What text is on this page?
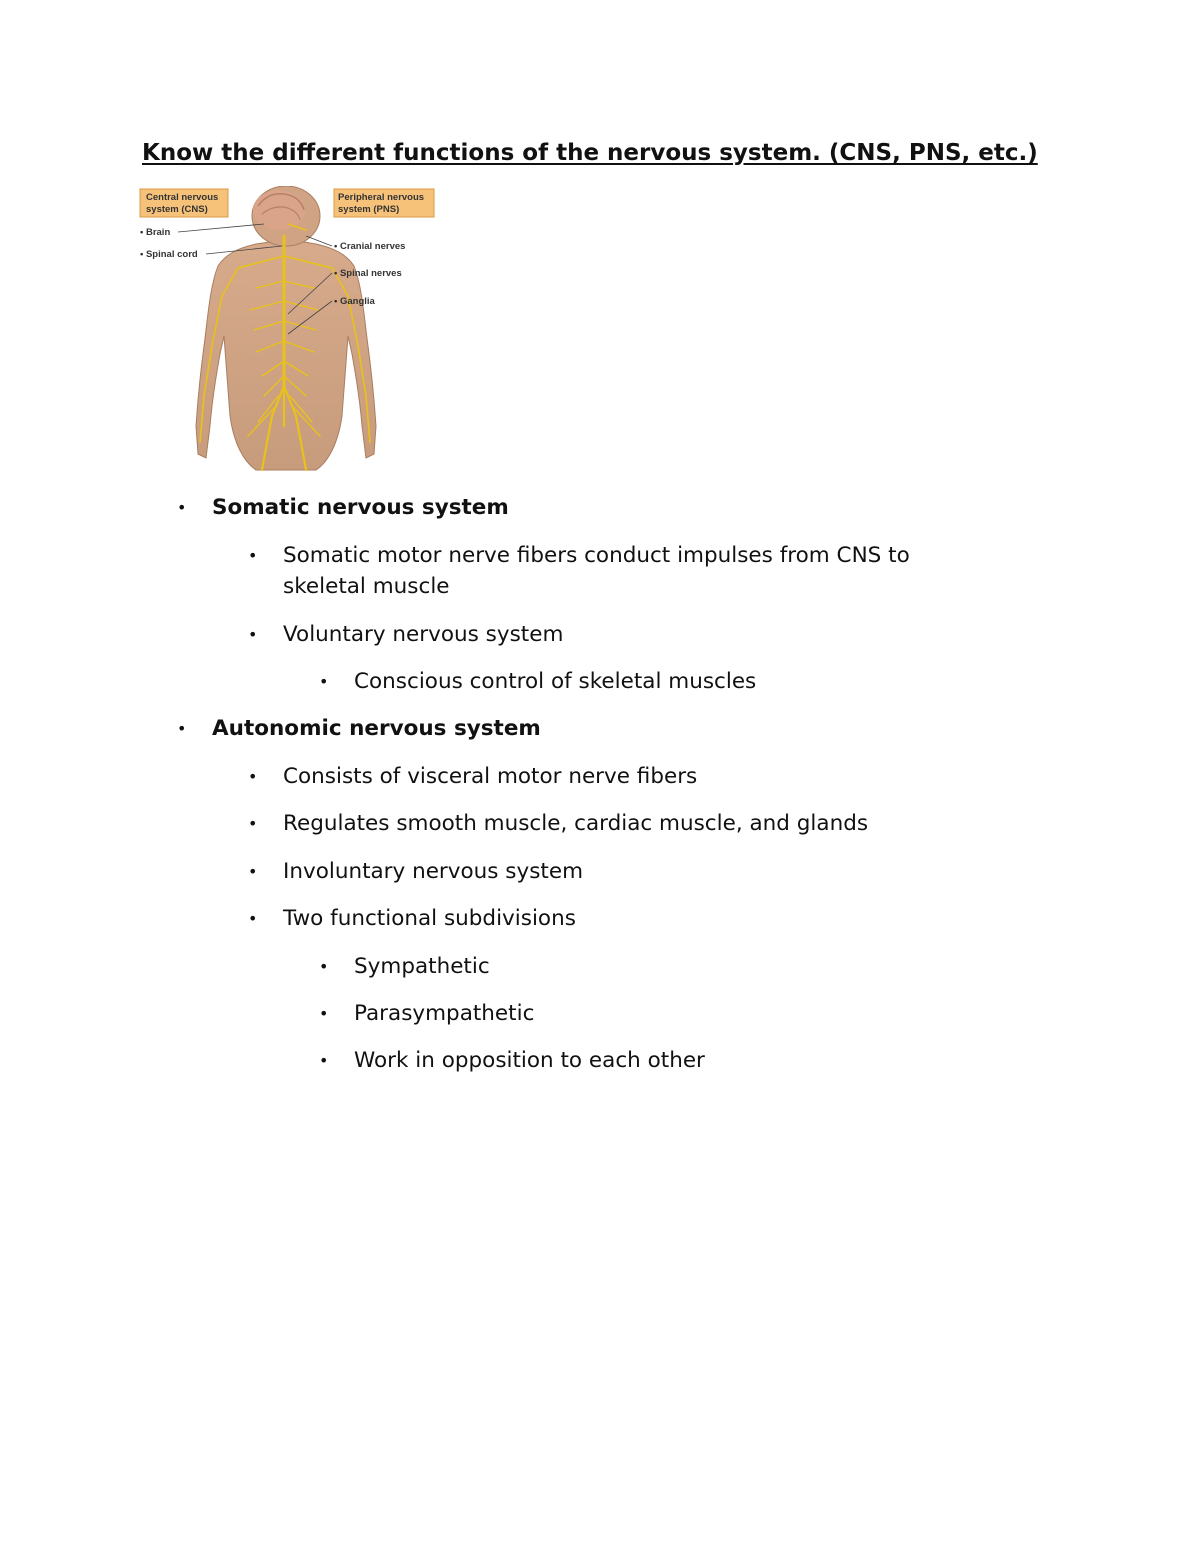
Know the different functions of the nervous system. (CNS, PNS, etc.)
Central nervous
system (CNS)
Peripheral nervous
system (PNS)
• Brain
• Spinal cord
• Cranial nerves
• Spinal nerves
• Ganglia
• Somatic nervous system
• Somatic motor nerve fibers conduct impulses from CNS to
skeletal muscle
• Voluntary nervous system
• Conscious control of skeletal muscles
• Autonomic nervous system
• Consists of visceral motor nerve fibers
• Regulates smooth muscle, cardiac muscle, and glands
• Involuntary nervous system
• Two functional subdivisions
• Sympathetic
• Parasympathetic
• Work in opposition to each other
